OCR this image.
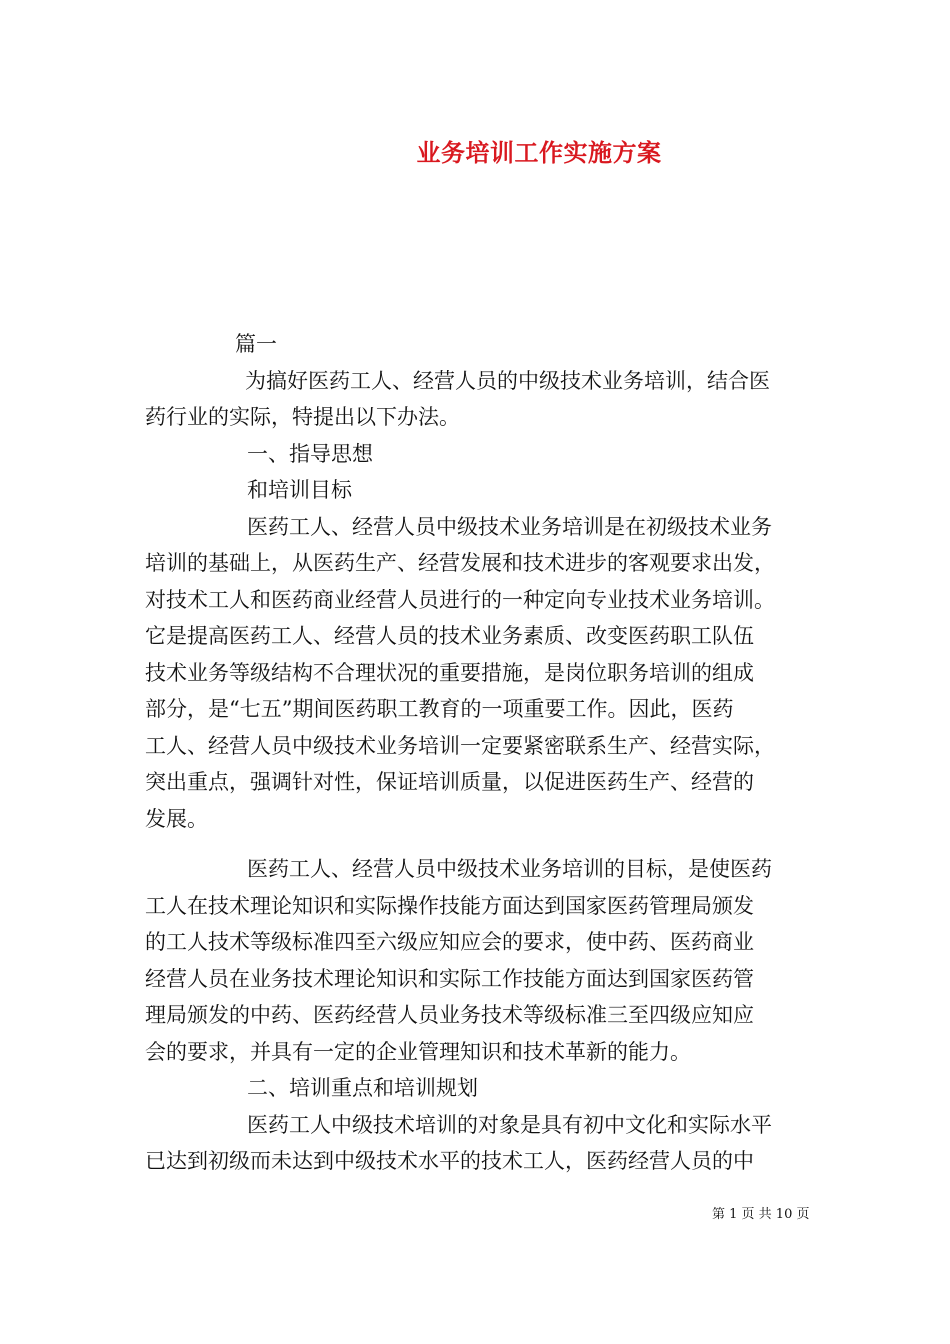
业务培训工作实施方案
篇一
为搞好医药工人、经营人员的中级技术业务培训，结合医
药行业的实际，特提出以下办法。
一、指导思想
和培训目标
医药工人、经营人员中级技术业务培训是在初级技术业务
培训的基础上，从医药生产、经营发展和技术进步的客观要求出发，
对技术工人和医药商业经营人员进行的一种定向专业技术业务培训。
它是提高医药工人、经营人员的技术业务素质、改变医药职工队伍
技术业务等级结构不合理状况的重要措施，是岗位职务培训的组成
部分，是“七五”期间医药职工教育的一项重要工作。因此，医药
工人、经营人员中级技术业务培训一定要紧密联系生产、经营实际，
突出重点，强调针对性，保证培训质量，以促进医药生产、经营的
发展。
医药工人、经营人员中级技术业务培训的目标，是使医药
工人在技术理论知识和实际操作技能方面达到国家医药管理局颁发
的工人技术等级标准四至六级应知应会的要求，使中药、医药商业
经营人员在业务技术理论知识和实际工作技能方面达到国家医药管
理局颁发的中药、医药经营人员业务技术等级标准三至四级应知应
会的要求，并具有一定的企业管理知识和技术革新的能力。
二、培训重点和培训规划
医药工人中级技术培训的对象是具有初中文化和实际水平
已达到初级而未达到中级技术水平的技术工人，医药经营人员的中
第 1 页 共 10 页
